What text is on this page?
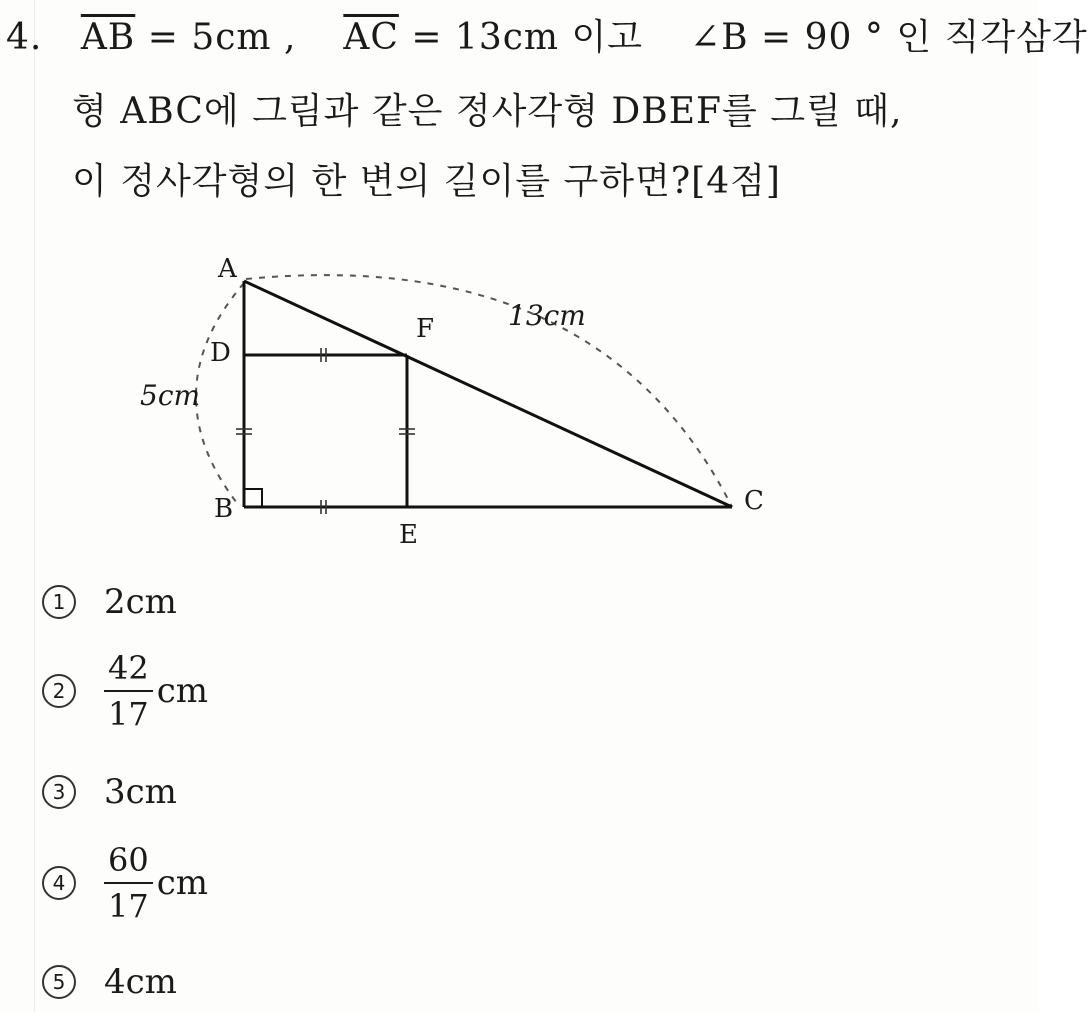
4. $\overline{AB} = 5cm$ , $\overline{AC} = 13cm$ 이고 ∠B = 90 ° 인 직각삼각
형 ABC에 그림과 같은 정사각형 DBEF를 그릴 때,
이 정사각형의 한 변의 길이를 구하면?[4점]
A
D
F
B
E
C
5cm
13cm
1	2cm
2	$\frac{42}{17}$ cm
3	3cm
4	$\frac{60}{17}$ cm
5	4cm
